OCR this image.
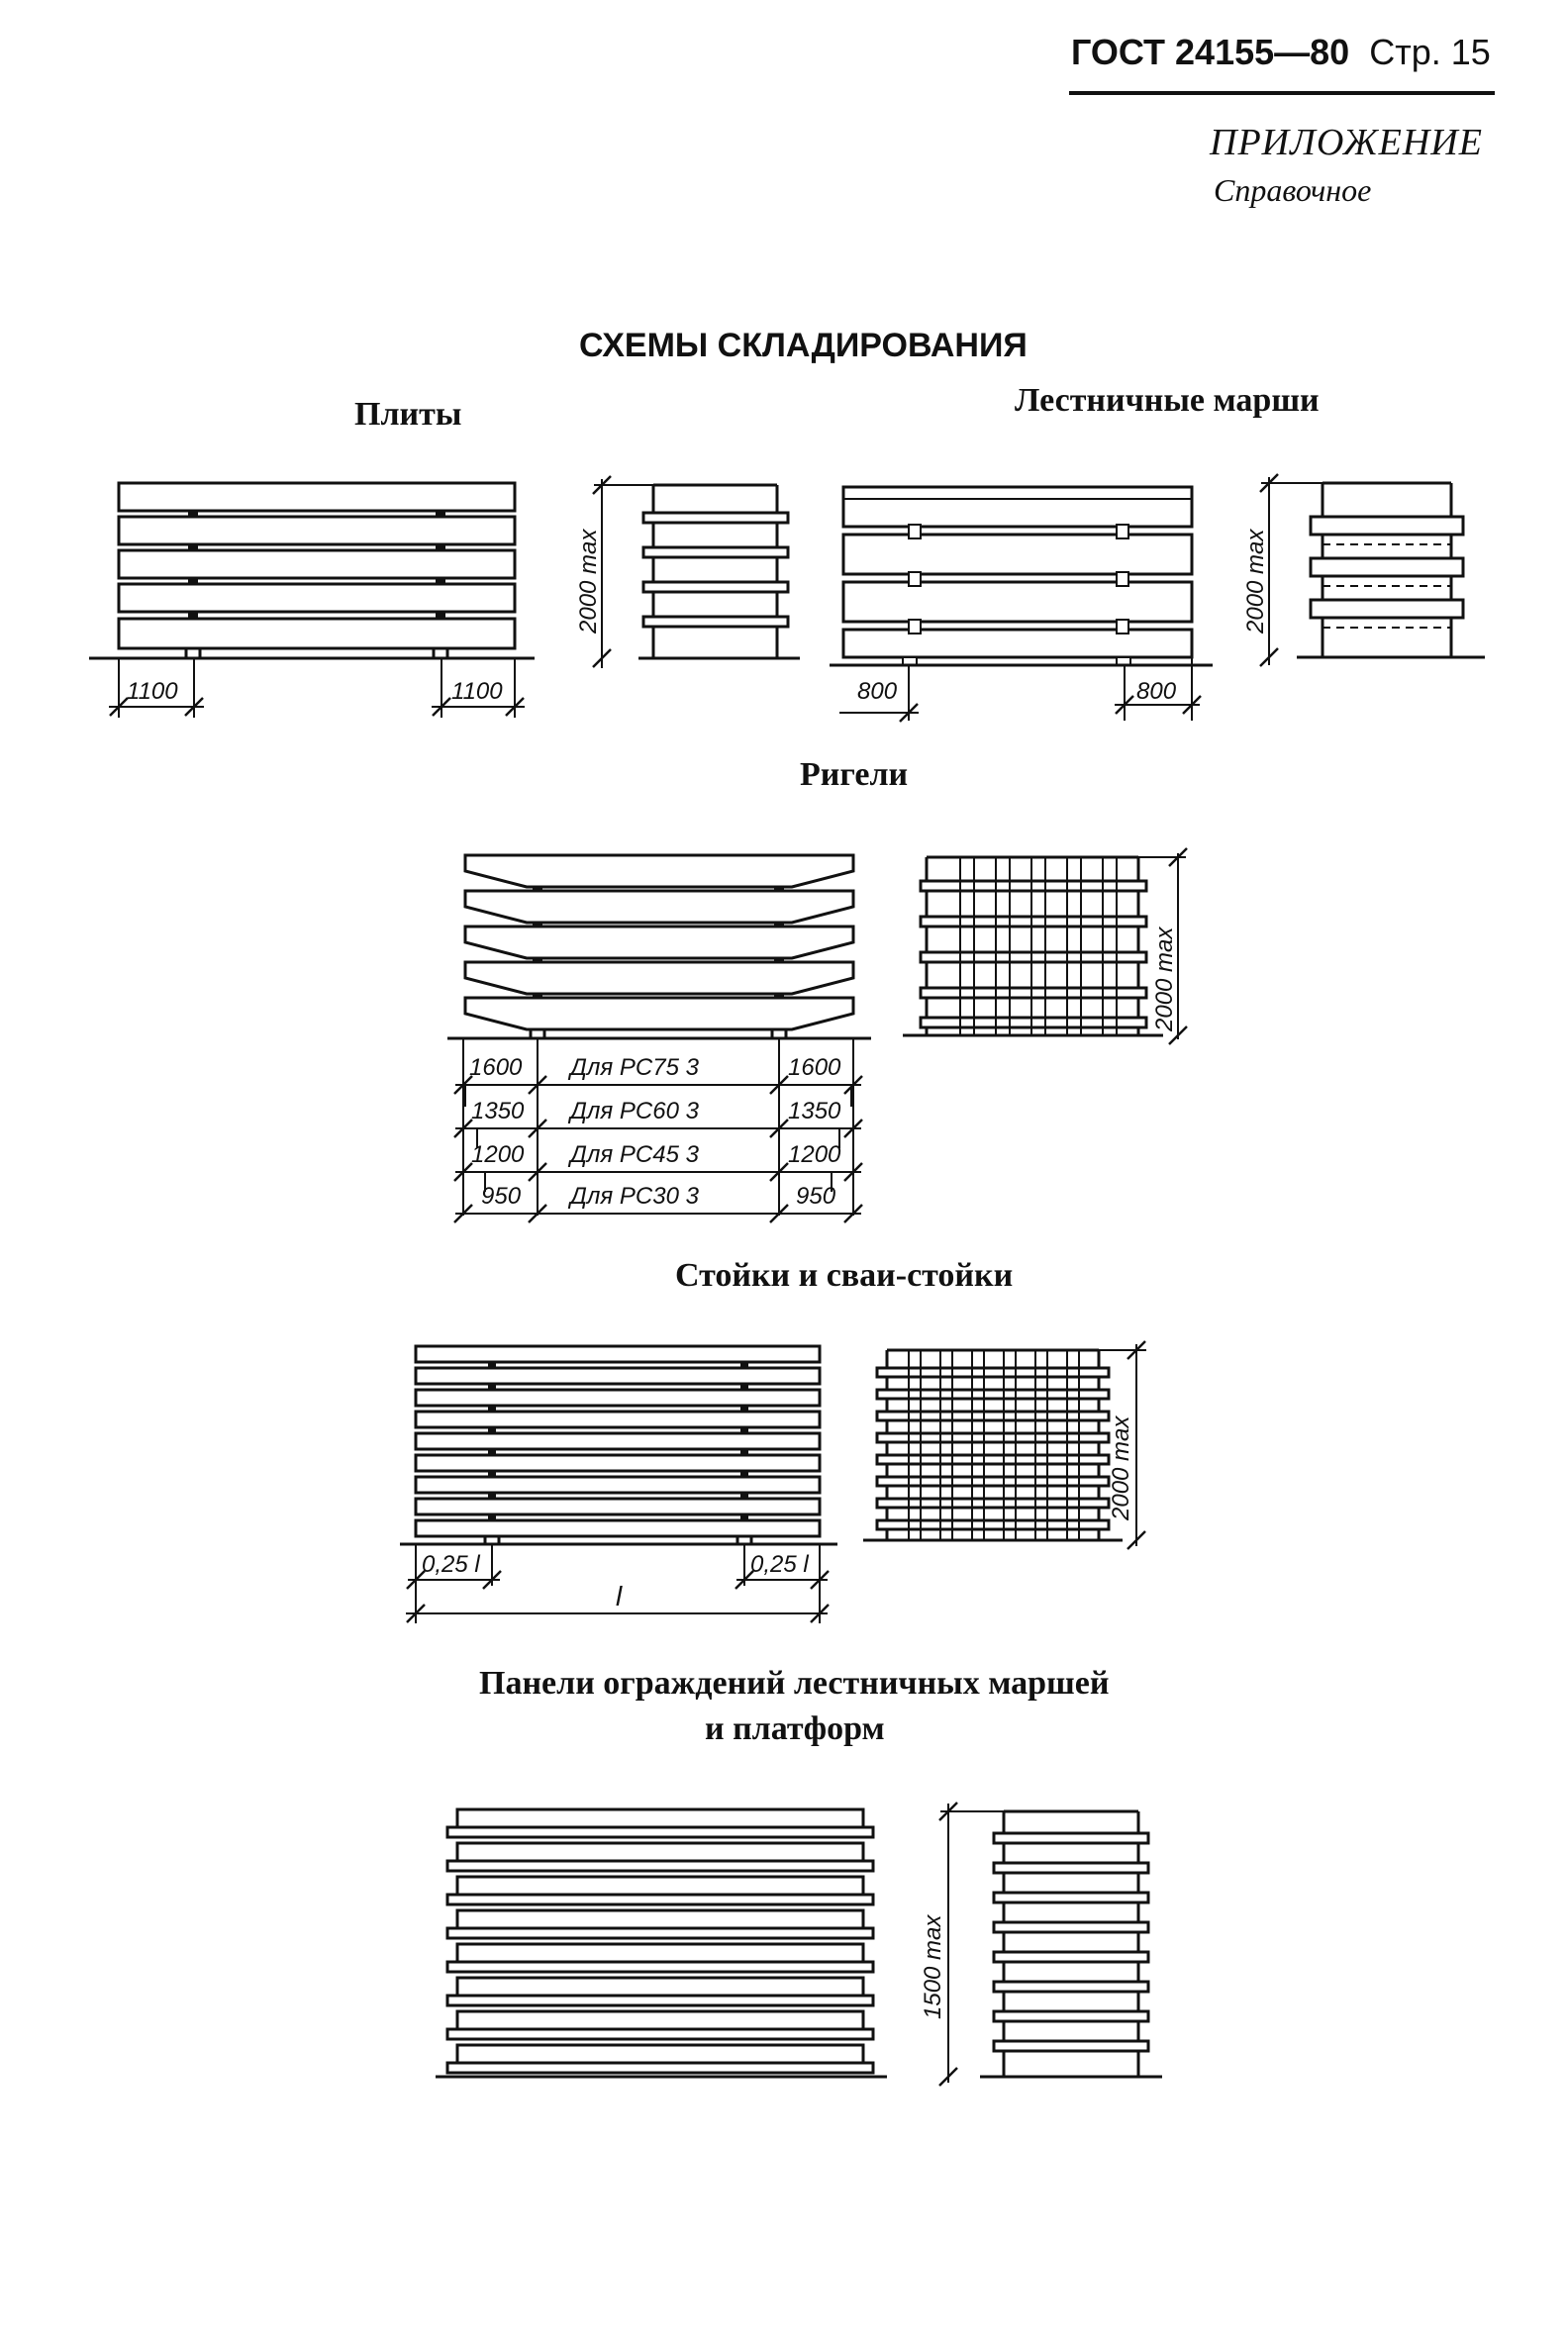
ГОСТ 24155—80 Стр. 15
ПРИЛОЖЕНИЕ
Справочное
СХЕМЫ СКЛАДИРОВАНИЯ
Плиты	Лестничные марши
Ригели
Стойки и сваи-стойки
Панели ограждений лестничных маршей
и платформ
1100	1100
2000 max
800	800
2000 max
1600 Для РС75 3	1600
1350 Для РС60 3	1350
1200 Для РС45 3	1200
950 Для РС30 3	950
2000 max
0,25 l	0,25 l
l
2000 max
1500 max
